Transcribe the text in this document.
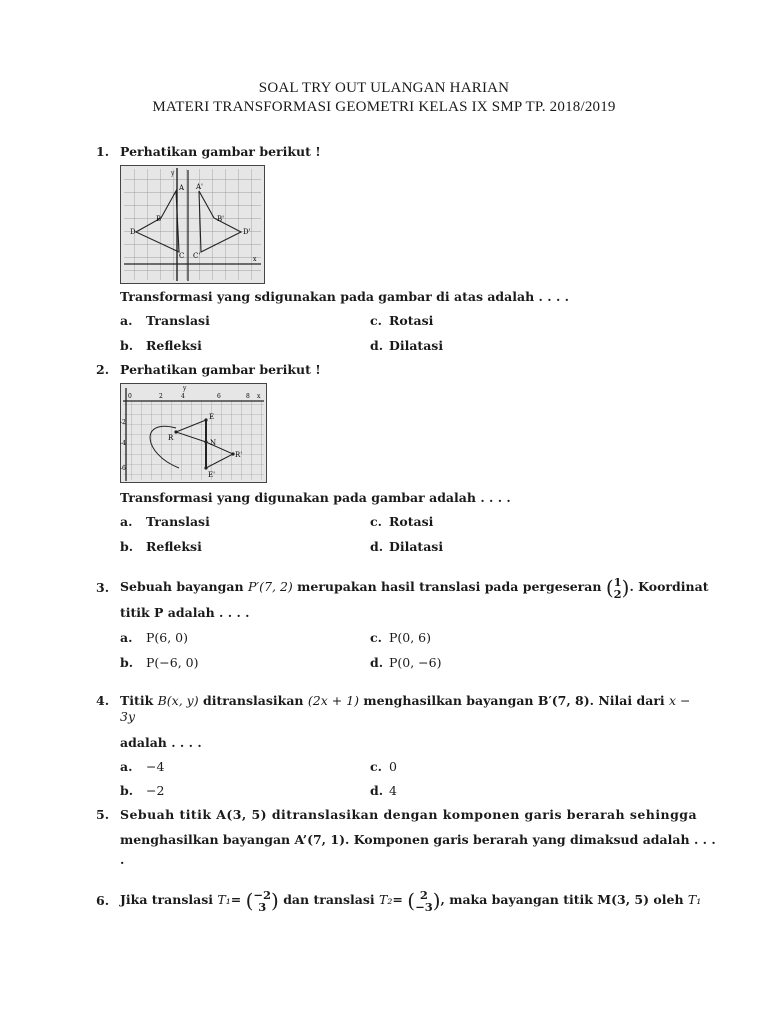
SOAL TRY OUT ULANGAN HARIAN
MATERI TRANSFORMASI GEOMETRI KELAS IX SMP TP. 2018/2019
1. Perhatikan gambar berikut !
A
B
C
D
A'
B'
C'
D'
y
x
Transformasi yang sdigunakan pada gambar di atas adalah . . . .
a. Translasi	c. Rotasi
b. Refleksi	d. Dilatasi
2. Perhatikan gambar berikut !
E
R
N
R'
E'
y
x
0	2	4	6	8
-2
-4
-6
Transformasi yang digunakan pada gambar adalah . . . .
a. Translasi	c. Rotasi
b. Refleksi	d. Dilatasi
3. Sebuah bayangan P′(7, 2) merupakan hasil translasi pada pergeseran ( 1
2 ). Koordinat
titik P adalah . . . .
a. P(6, 0)	c. P(0, 6)
b. P(−6, 0)	d. P(0, −6)
4. Titik B(x, y) ditranslasikan (2x + 1) menghasilkan bayangan B′(7, 8). Nilai dari x −
3y
adalah . . . .
a. −4	c. 0
b. −2	d. 4
5. Sebuah titik A(3, 5) ditranslasikan dengan komponen garis berarah sehingga
menghasilkan bayangan A’(7, 1). Komponen garis berarah yang dimaksud adalah . . .
.
6. Jika translasi T₁= ( −2
3 ) dan translasi T₂= ( 2
−3 ), maka bayangan titik M(3, 5) oleh T₁
